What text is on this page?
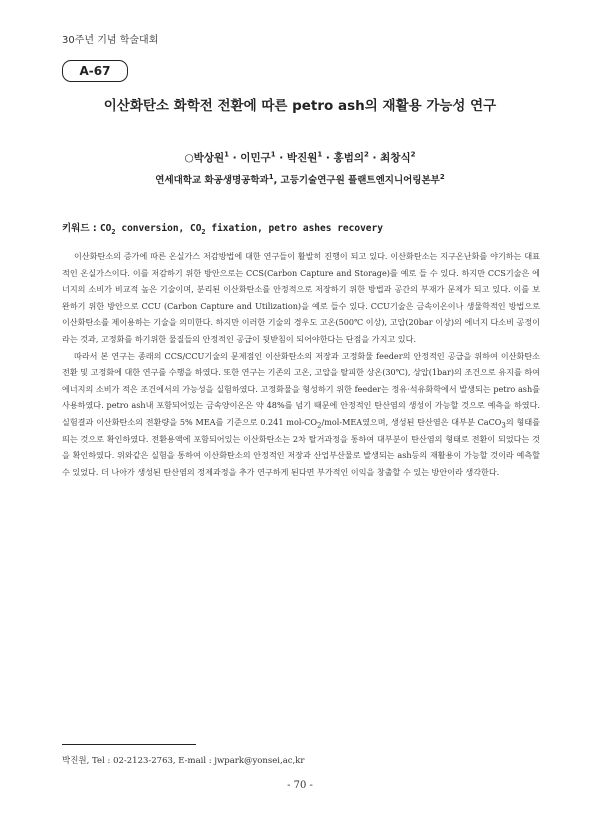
30주년 기념 학술대회
A-67
이산화탄소 화학전 전환에 따른 petro ash의 재활용 가능성 연구
○박상원$^1$ · 이민구$^1$ · 박진원$^1$ · 홍범의$^2$ · 최창식$^2$
연세대학교 화공생명공학과$^1$, 고등기술연구원 플랜트엔지니어링본부$^2$
키워드 : $CO_2$ conversion, $CO_2$ fixation, petro ashes recovery

이산화탄소의 증가에 따른 온실가스 저감방법에 대한 연구들이 활발히 진행이 되고 있다. 이산화탄소는 지구온난화를 야기하는 대표적인 온실가스이다. 이를 저감하기 위한 방안으로는 CCS(Carbon Capture and Storage)를 예로 들 수 있다. 하지만 CCS기술은 에너지의 소비가 비교적 높은 기술이며, 분리된 이산화탄소를 안정적으로 저장하기 위한 방법과 공간의 부재가 문제가 되고 있다. 이를 보완하기 위한 방안으로 CCU (Carbon Capture and Utilization)을 예로 들수 있다. CCU기술은 금속이온이나 생물학적인 방법으로 이산화탄소를 제이용하는 기술을 의미한다. 하지만 이러한 기술의 경우도 고온(500℃ 이상), 고압(20bar 이상)의 에너지 다소비 공정이라는 것과, 고정화를 하기위한 물질들의 안정적인 공급이 뒷받침이 되어야한다는 단점을 가지고 있다.

따라서 본 연구는 종래의 CCS/CCU기술의 문제점인 이산화탄소의 저장과 고정화물 feeder의 안정적인 공급을 위하여 이산화탄소 전환 및 고정화에 대한 연구를 수행을 하였다. 또한 연구는 기존의 고온, 고압을 탈피한 상온(30℃), 상압(1bar)의 조건으로 유지를 하여 에너지의 소비가 적은 조건에서의 가능성을 실험하였다. 고정화물을 형성하기 위한 feeder는 정유·석유화학에서 발생되는 petro ash를 사용하였다. petro ash내 포함되어있는 금속양이온은 약 48%를 넘기 때문에 안정적인 탄산염의 생성이 가능할 것으로 예측을 하였다. 실험결과 이산화탄소의 전환량을 5% MEA를 기준으로 0.241 mol-$CO_2/mol$-MEA였으며, 생성된 탄산염은 대부분 CaCO$_3$의 형태를 띄는 것으로 확인하였다. 전환용액에 포함되어있는 이산화탄소는 2차 탈거과정을 통하여 대부분이 탄산염의 형태로 전환이 되었다는 것을 확인하였다. 위와같은 실험을 통하여 이산화탄소의 안정적인 저장과 산업부산물로 발생되는 ash등의 재활용이 가능할 것이라 예측할 수 있었다. 더 나아가 생성된 탄산염의 정제과정을 추가 연구하게 된다면 부가적인 이익을 창출할 수 있는 방안이라 생각한다.

박진원, Tel : 02-2123-2763, E-mail : jwpark@yonsei,ac,kr
- 70 -
